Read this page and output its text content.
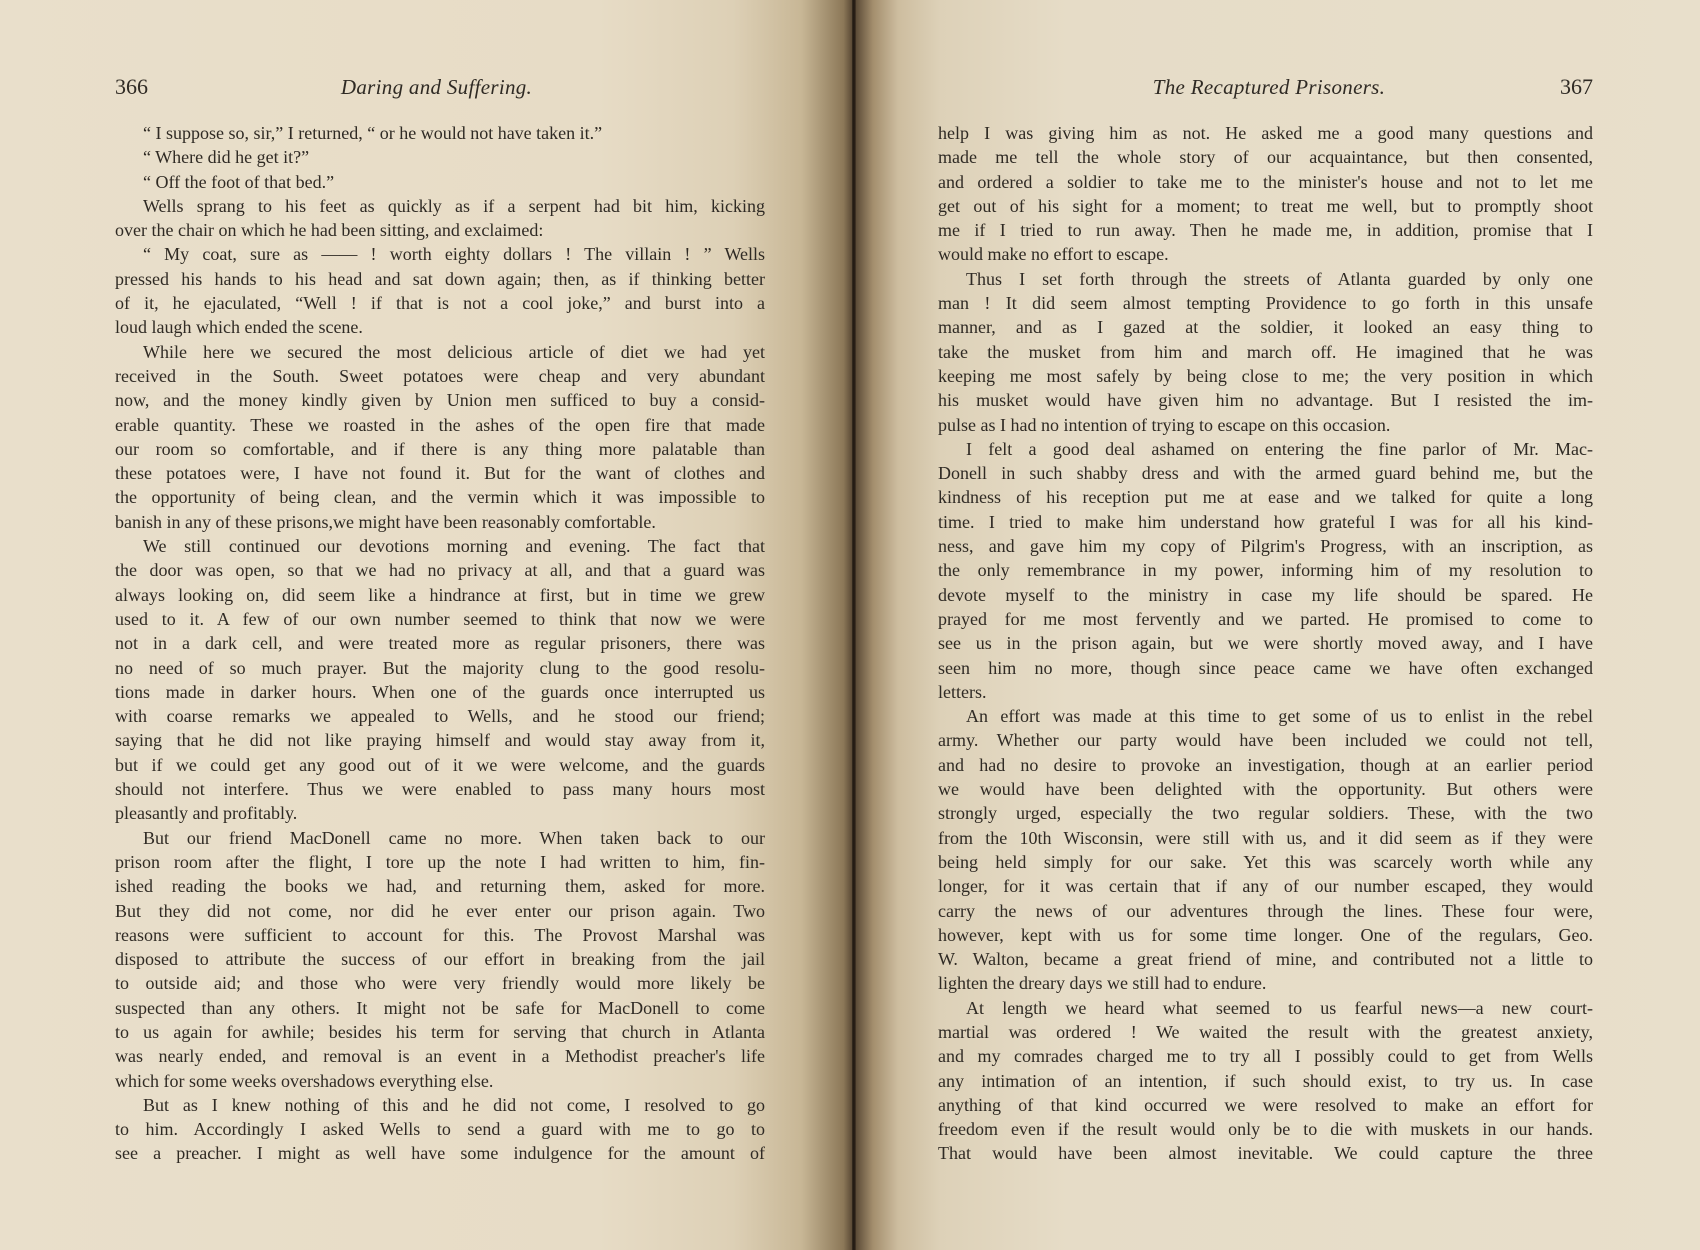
366	Daring and Suffering.
“ I suppose so, sir,” I returned, “ or he would not have taken it.”
“ Where did he get it?”
“ Off the foot of that bed.”
Wells sprang to his feet as quickly as if a serpent had bit him, kicking
over the chair on which he had been sitting, and exclaimed:
“ My coat, sure as —— ! worth eighty dollars ! The villain ! ” Wells
pressed his hands to his head and sat down again; then, as if thinking better
of it, he ejaculated, “Well ! if that is not a cool joke,” and burst into a
loud laugh which ended the scene.
While here we secured the most delicious article of diet we had yet
received in the South. Sweet potatoes were cheap and very abundant
now, and the money kindly given by Union men sufficed to buy a consid-
erable quantity. These we roasted in the ashes of the open fire that made
our room so comfortable, and if there is any thing more palatable than
these potatoes were, I have not found it. But for the want of clothes and
the opportunity of being clean, and the vermin which it was impossible to
banish in any of these prisons,we might have been reasonably comfortable.
We still continued our devotions morning and evening. The fact that
the door was open, so that we had no privacy at all, and that a guard was
always looking on, did seem like a hindrance at first, but in time we grew
used to it. A few of our own number seemed to think that now we were
not in a dark cell, and were treated more as regular prisoners, there was
no need of so much prayer. But the majority clung to the good resolu-
tions made in darker hours. When one of the guards once interrupted us
with coarse remarks we appealed to Wells, and he stood our friend;
saying that he did not like praying himself and would stay away from it,
but if we could get any good out of it we were welcome, and the guards
should not interfere. Thus we were enabled to pass many hours most
pleasantly and profitably.
But our friend MacDonell came no more. When taken back to our
prison room after the flight, I tore up the note I had written to him, fin-
ished reading the books we had, and returning them, asked for more.
But they did not come, nor did he ever enter our prison again. Two
reasons were sufficient to account for this. The Provost Marshal was
disposed to attribute the success of our effort in breaking from the jail
to outside aid; and those who were very friendly would more likely be
suspected than any others. It might not be safe for MacDonell to come
to us again for awhile; besides his term for serving that church in Atlanta
was nearly ended, and removal is an event in a Methodist preacher's life
which for some weeks overshadows everything else.
But as I knew nothing of this and he did not come, I resolved to go
to him. Accordingly I asked Wells to send a guard with me to go to
see a preacher. I might as well have some indulgence for the amount of
The Recaptured Prisoners.	367
help I was giving him as not. He asked me a good many questions and
made me tell the whole story of our acquaintance, but then consented,
and ordered a soldier to take me to the minister's house and not to let me
get out of his sight for a moment; to treat me well, but to promptly shoot
me if I tried to run away. Then he made me, in addition, promise that I
would make no effort to escape.
Thus I set forth through the streets of Atlanta guarded by only one
man ! It did seem almost tempting Providence to go forth in this unsafe
manner, and as I gazed at the soldier, it looked an easy thing to
take the musket from him and march off. He imagined that he was
keeping me most safely by being close to me; the very position in which
his musket would have given him no advantage. But I resisted the im-
pulse as I had no intention of trying to escape on this occasion.
I felt a good deal ashamed on entering the fine parlor of Mr. Mac-
Donell in such shabby dress and with the armed guard behind me, but the
kindness of his reception put me at ease and we talked for quite a long
time. I tried to make him understand how grateful I was for all his kind-
ness, and gave him my copy of Pilgrim's Progress, with an inscription, as
the only remembrance in my power, informing him of my resolution to
devote myself to the ministry in case my life should be spared. He
prayed for me most fervently and we parted. He promised to come to
see us in the prison again, but we were shortly moved away, and I have
seen him no more, though since peace came we have often exchanged
letters.
An effort was made at this time to get some of us to enlist in the rebel
army. Whether our party would have been included we could not tell,
and had no desire to provoke an investigation, though at an earlier period
we would have been delighted with the opportunity. But others were
strongly urged, especially the two regular soldiers. These, with the two
from the 10th Wisconsin, were still with us, and it did seem as if they were
being held simply for our sake. Yet this was scarcely worth while any
longer, for it was certain that if any of our number escaped, they would
carry the news of our adventures through the lines. These four were,
however, kept with us for some time longer. One of the regulars, Geo.
W. Walton, became a great friend of mine, and contributed not a little to
lighten the dreary days we still had to endure.
At length we heard what seemed to us fearful news—a new court-
martial was ordered ! We waited the result with the greatest anxiety,
and my comrades charged me to try all I possibly could to get from Wells
any intimation of an intention, if such should exist, to try us. In case
anything of that kind occurred we were resolved to make an effort for
freedom even if the result would only be to die with muskets in our hands.
That would have been almost inevitable. We could capture the three
